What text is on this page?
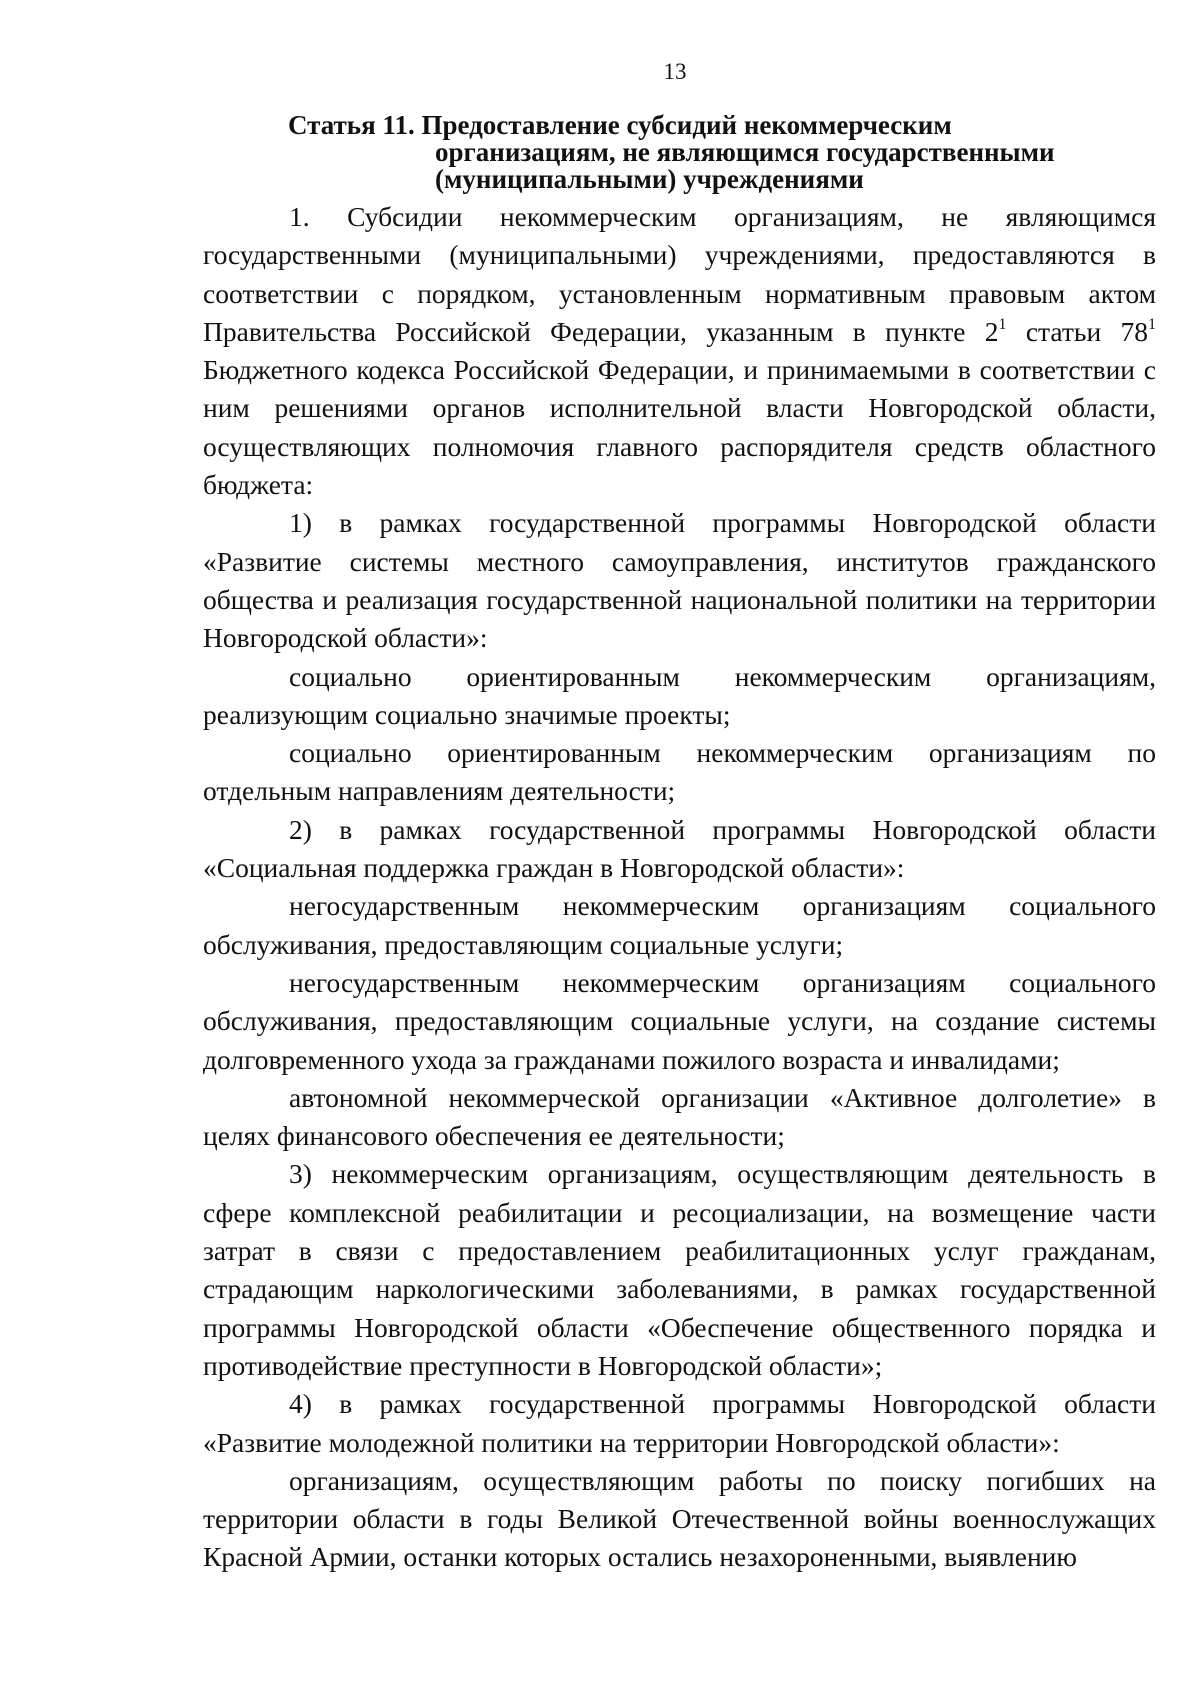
13
Статья 11. Предоставление субсидий некоммерческим
организациям, не являющимся государственными
(муниципальными) учреждениями

1. Субсидии некоммерческим организациям, не являющимся государственными (муниципальными) учреждениями, предоставляются в соответствии с порядком, установленным нормативным правовым актом Правительства Российской Федерации, указанным в пункте $2^1$ статьи $78^1$ Бюджетного кодекса Российской Федерации, и принимаемыми в соответствии с ним решениями органов исполнительной власти Новгородской области, осуществляющих полномочия главного распорядителя средств областного бюджета:

1) в рамках государственной программы Новгородской области «Развитие системы местного самоуправления, институтов гражданского общества и реализация государственной национальной политики на территории Новгородской области»:

социально ориентированным некоммерческим организациям, реализующим социально значимые проекты;

социально ориентированным некоммерческим организациям по отдельным направлениям деятельности;

2) в рамках государственной программы Новгородской области «Социальная поддержка граждан в Новгородской области»:

негосударственным некоммерческим организациям социального обслуживания, предоставляющим социальные услуги;

негосударственным некоммерческим организациям социального обслуживания, предоставляющим социальные услуги, на создание системы долговременного ухода за гражданами пожилого возраста и инвалидами;

автономной некоммерческой организации «Активное долголетие» в целях финансового обеспечения ее деятельности;

3) некоммерческим организациям, осуществляющим деятельность в сфере комплексной реабилитации и ресоциализации, на возмещение части затрат в связи с предоставлением реабилитационных услуг гражданам, страдающим наркологическими заболеваниями, в рамках государственной программы Новгородской области «Обеспечение общественного порядка и противодействие преступности в Новгородской области»;

4) в рамках государственной программы Новгородской области «Развитие молодежной политики на территории Новгородской области»:

организациям, осуществляющим работы по поиску погибших на территории области в годы Великой Отечественной войны военнослужащих Красной Армии, останки которых остались незахороненными, выявлению
